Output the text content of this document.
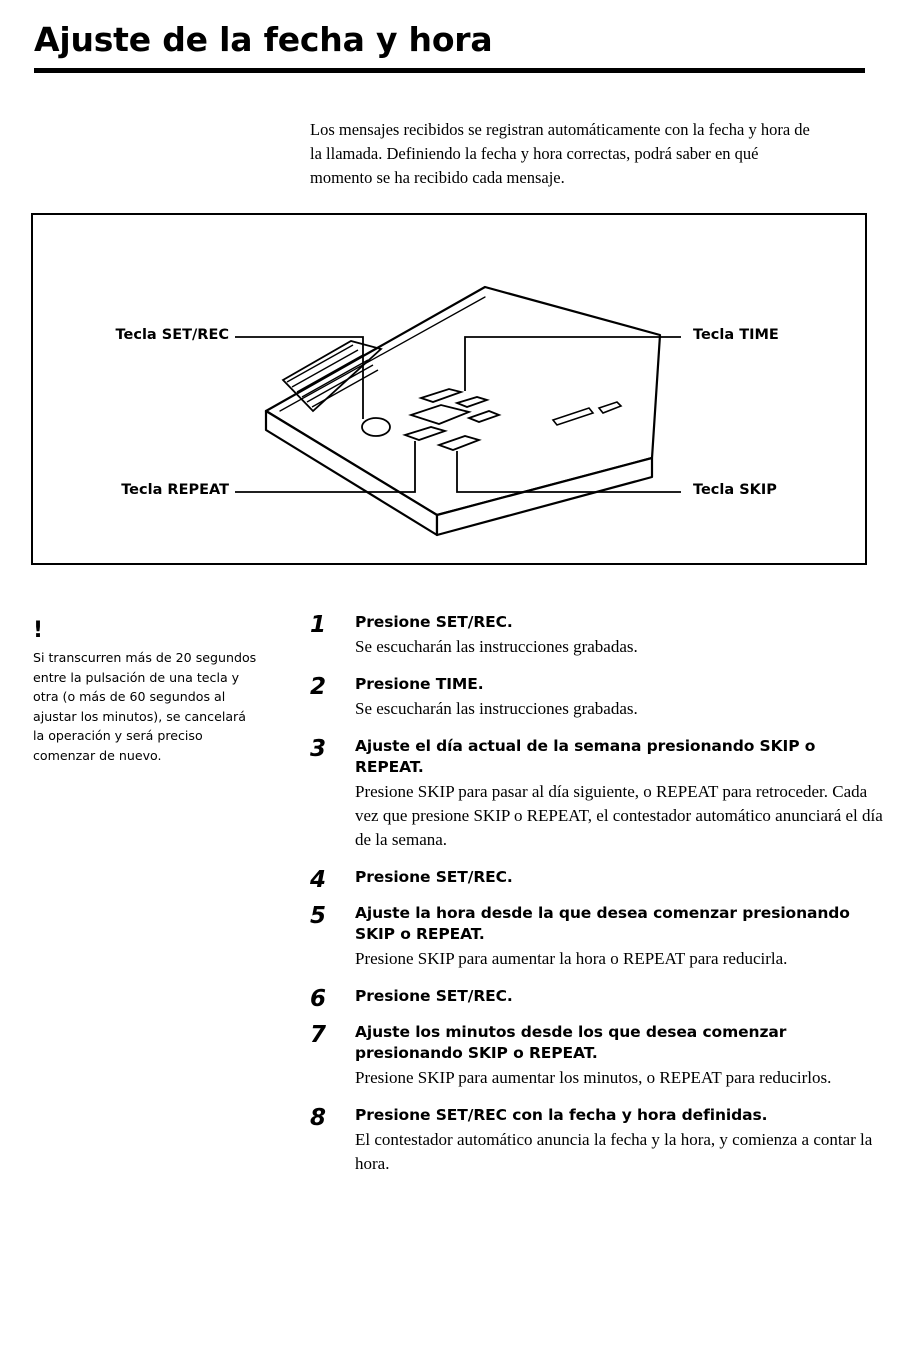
Ajuste de la fecha y hora
Los mensajes recibidos se registran automáticamente con la fecha y hora de la llamada. Definiendo la fecha y hora correctas, podrá saber en qué momento se ha recibido cada mensaje.
Tecla SET/REC	Tecla TIME
Tecla REPEAT	Tecla SKIP
!
Si transcurren más de 20 segundos entre la pulsación de una tecla y otra (o más de 60 segundos al ajustar los minutos), se cancelará la operación y será preciso comenzar de nuevo.
1	Presione SET/REC.
Se escucharán las instrucciones grabadas.
2	Presione TIME.
Se escucharán las instrucciones grabadas.
3	Ajuste el día actual de la semana presionando SKIP o REPEAT.
Presione SKIP para pasar al día siguiente, o REPEAT para retroceder. Cada vez que presione SKIP o REPEAT, el contestador automático anunciará el día de la semana.
4	Presione SET/REC.
5	Ajuste la hora desde la que desea comenzar presionando SKIP o REPEAT.
Presione SKIP para aumentar la hora o REPEAT para reducirla.
6	Presione SET/REC.
7	Ajuste los minutos desde los que desea comenzar presionando SKIP o REPEAT.
Presione SKIP para aumentar los minutos, o REPEAT para reducirlos.
8	Presione SET/REC con la fecha y hora definidas.
El contestador automático anuncia la fecha y la hora, y comienza a contar la hora.
